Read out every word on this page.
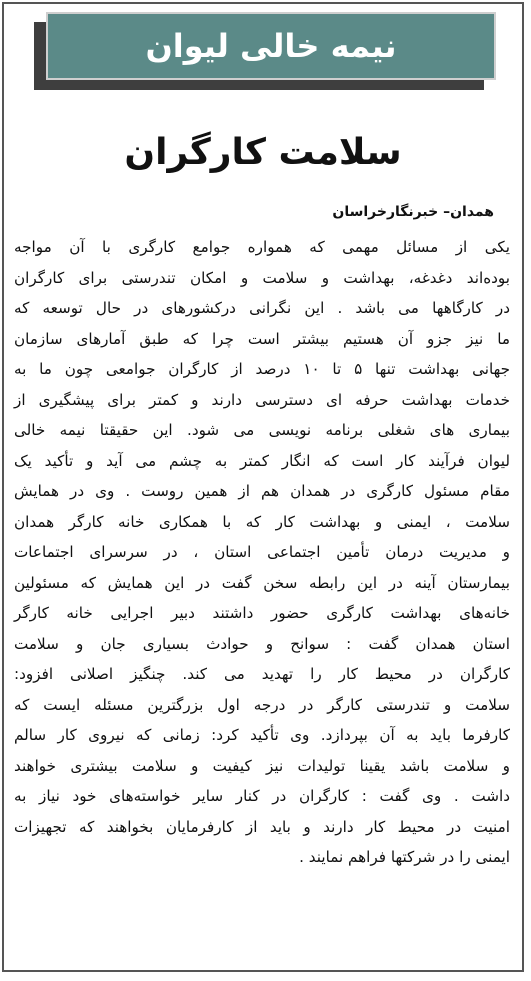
نیمه خالی لیوان
سلامت کارگران
همدان– خبرنگارخراسان
یکی از مسائل مهمی که همواره جوامع کارگری با آن مواجه
بوده‌اند دغدغه، بهداشت و سلامت و امکان تندرستی برای کارگران
در کارگاهها می باشد . این نگرانی درکشورهای در حال توسعه که
ما نیز جزو آن هستیم بیشتر است چرا که طبق آمارهای سازمان
جهانی بهداشت تنها ۵ تا ۱۰ درصد از کارگران جوامعی چون ما به
خدمات بهداشت حرفه ای دسترسی دارند و کمتر برای پیشگیری از
بیماری های شغلی برنامه نویسی می شود. این حقیقتا نیمه خالی
لیوان فرآیند کار است که انگار کمتر به چشم می آید و تأکید یک
مقام مسئول کارگری در همدان هم از همین روست . وی در همایش
سلامت ، ایمنی و بهداشت کار که با همکاری خانه کارگر همدان
و مدیریت درمان تأمین اجتماعی استان ، در سرسرای اجتماعات
بیمارستان آینه در این رابطه سخن گفت در این همایش که مسئولین
خانه‌های بهداشت کارگری حضور داشتند دبیر اجرایی خانه کارگر
استان همدان گفت : سوانح و حوادث بسیاری جان و سلامت
کارگران در محیط کار را تهدید می کند. چنگیز اصلانی افزود:
سلامت و تندرستی کارگر در درجه اول بزرگترین مسئله ایست که
کارفرما باید به آن بپردازد. وی تأکید کرد: زمانی که نیروی کار سالم
و سلامت باشد یقینا تولیدات نیز کیفیت و سلامت بیشتری خواهند
داشت . وی گفت : کارگران در کنار سایر خواسته‌های خود نیاز به
امنیت در محیط کار دارند و باید از کارفرمایان بخواهند که تجهیزات
ایمنی را در شرکتها فراهم نمایند .
